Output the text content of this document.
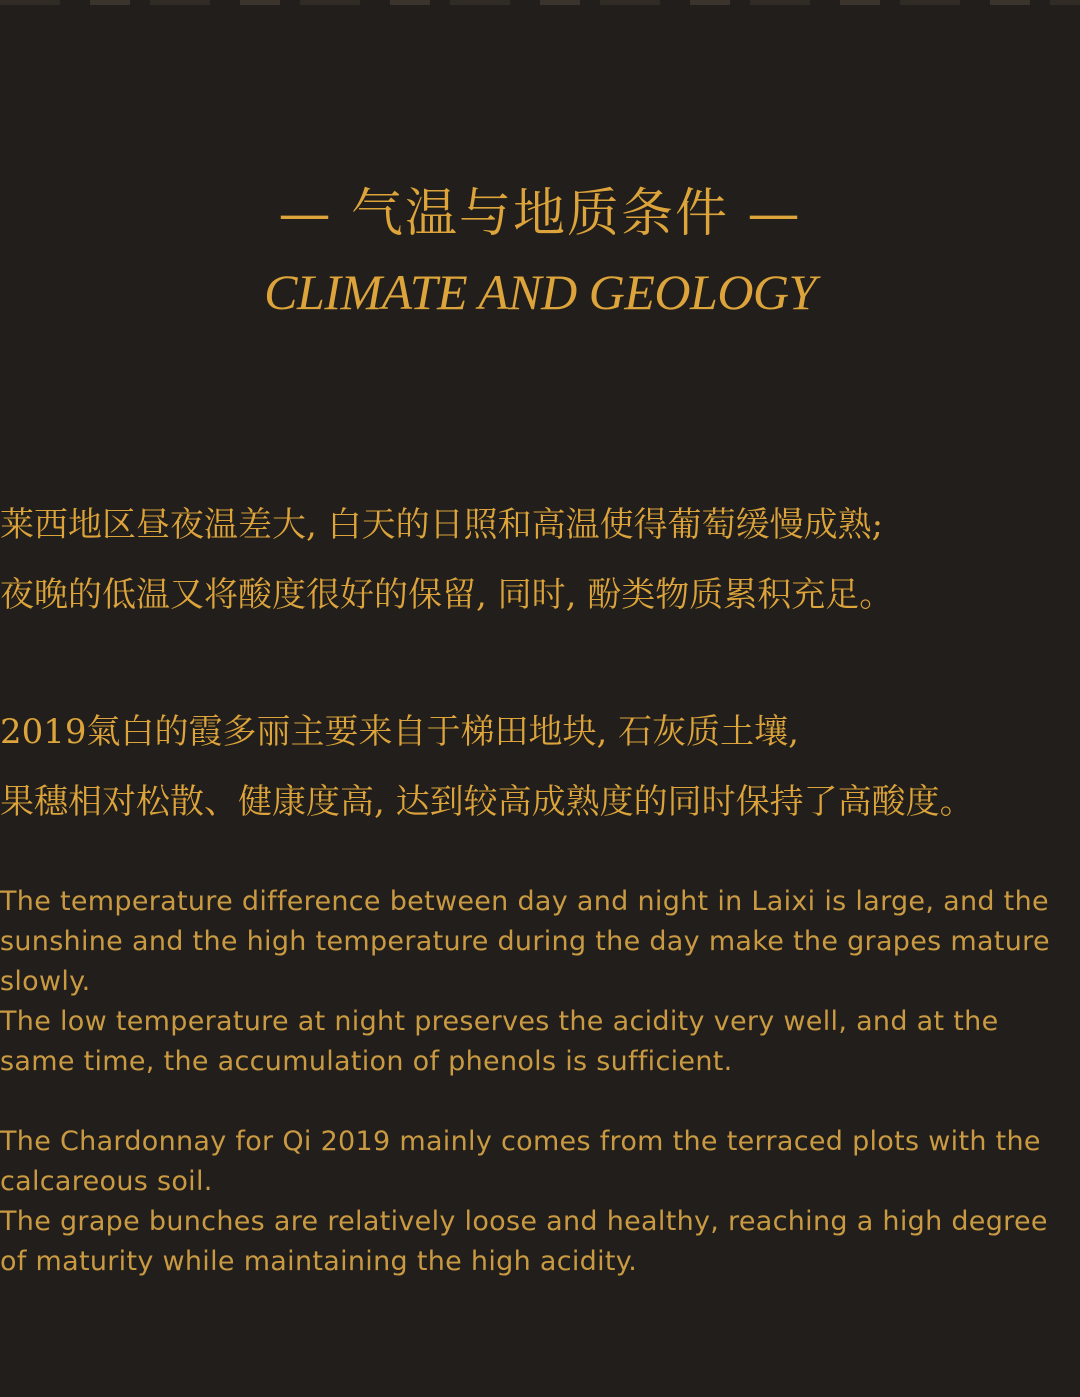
— 气温与地质条件 —
CLIMATE AND GEOLOGY

莱西地区昼夜温差大, 白天的日照和高温使得葡萄缓慢成熟;

夜晚的低温又将酸度很好的保留, 同时, 酚类物质累积充足。

2019氣白的霞多丽主要来自于梯田地块, 石灰质土壤,

果穗相对松散、健康度高, 达到较高成熟度的同时保持了高酸度。

The temperature difference between day and night in Laixi is large, and the sunshine and the high temperature during the day make the grapes mature slowly.

The low temperature at night preserves the acidity very well, and at the same time, the accumulation of phenols is sufficient.

The Chardonnay for Qi 2019 mainly comes from the terraced plots with the calcareous soil.

The grape bunches are relatively loose and healthy, reaching a high degree of maturity while maintaining the high acidity.
